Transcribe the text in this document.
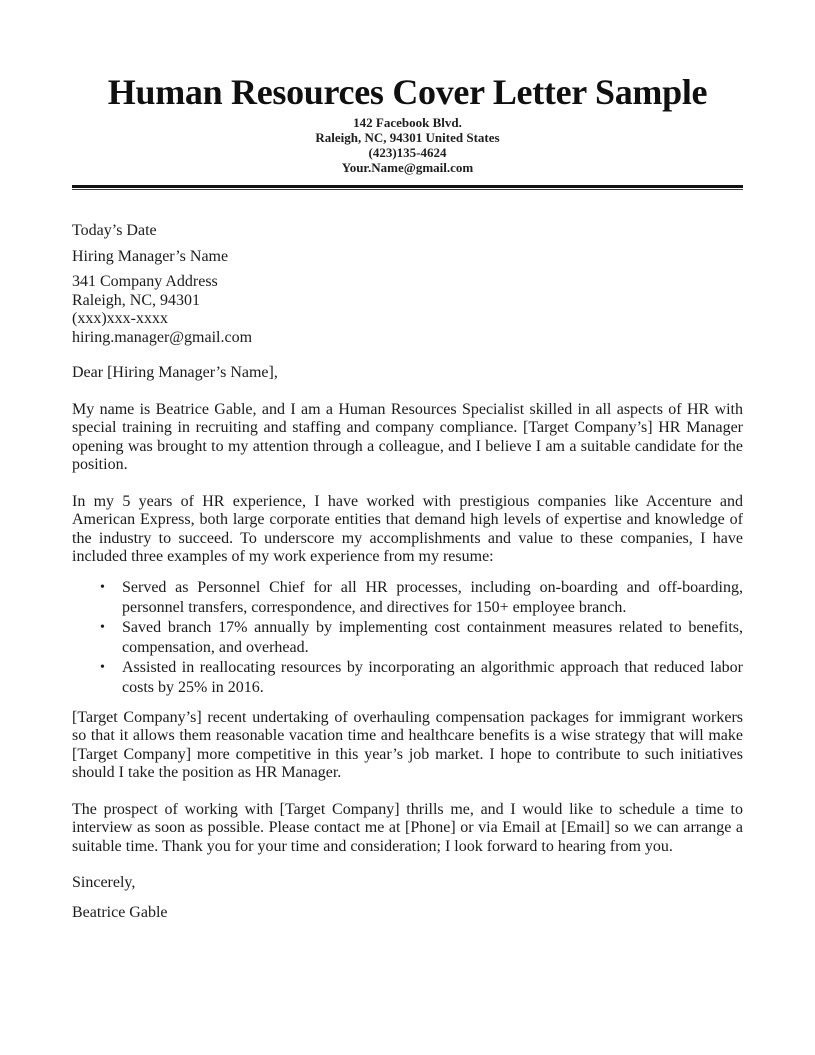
Human Resources Cover Letter Sample
142 Facebook Blvd.
Raleigh, NC, 94301 United States
(423)135-4624
Your.Name@gmail.com

Today’s Date

Hiring Manager’s Name

341 Company Address
Raleigh, NC, 94301
(xxx)xxx-xxxx
hiring.manager@gmail.com

Dear [Hiring Manager’s Name],

My name is Beatrice Gable, and I am a Human Resources Specialist skilled in all aspects of HR with special training in recruiting and staffing and company compliance. [Target Company’s] HR Manager opening was brought to my attention through a colleague, and I believe I am a suitable candidate for the position.

In my 5 years of HR experience, I have worked with prestigious companies like Accenture and American Express, both large corporate entities that demand high levels of expertise and knowledge of the industry to succeed. To underscore my accomplishments and value to these companies, I have included three examples of my work experience from my resume:

• Served as Personnel Chief for all HR processes, including on-boarding and off-boarding, personnel transfers, correspondence, and directives for 150+ employee branch.
• Saved branch 17% annually by implementing cost containment measures related to benefits, compensation, and overhead.
• Assisted in reallocating resources by incorporating an algorithmic approach that reduced labor costs by 25% in 2016.

[Target Company’s] recent undertaking of overhauling compensation packages for immigrant workers so that it allows them reasonable vacation time and healthcare benefits is a wise strategy that will make [Target Company] more competitive in this year’s job market. I hope to contribute to such initiatives should I take the position as HR Manager.

The prospect of working with [Target Company] thrills me, and I would like to schedule a time to interview as soon as possible. Please contact me at [Phone] or via Email at [Email] so we can arrange a suitable time. Thank you for your time and consideration; I look forward to hearing from you.

Sincerely,

Beatrice Gable
